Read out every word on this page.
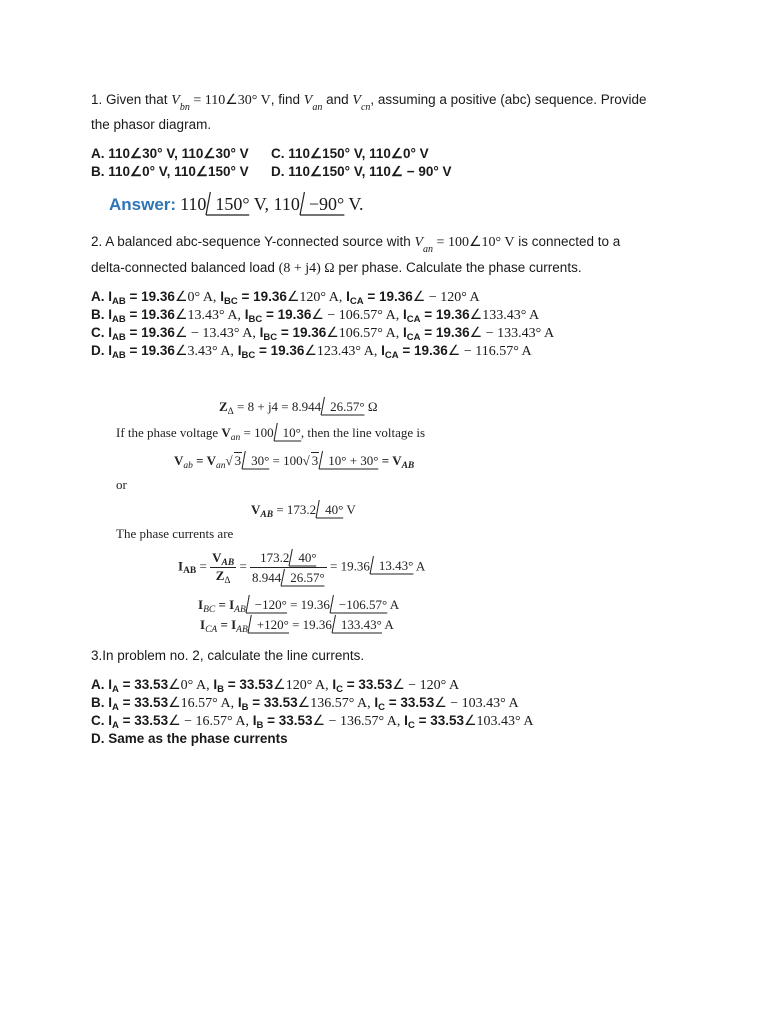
1. Given that $V_{bn}$ = 110∠30° V, find $V_{an}$ and $V_{cn}$, assuming a positive (abc) sequence. Provide
the phasor diagram.
A. 110∠30° V, 110∠30° V C. 110∠150° V, 110∠0° V
B. 110∠0° V, 110∠150° V D. 110∠150° V, 110∠ − 90° V
Answer: 110 150° V, 110 −90° V.
2. A balanced abc-sequence Y-connected source with $V_{an}$ = 100∠10° V is connected to a
delta-connected balanced load (8 + j4) Ω per phase. Calculate the phase currents.
A. $I_{AB}$ = 19.36∠0° A, $I_{BC}$ = 19.36∠120° A, $I_{CA}$ = 19.36∠ − 120° A
B. $I_{AB}$ = 19.36∠13.43° A, $I_{BC}$ = 19.36∠ − 106.57° A, $I_{CA}$ = 19.36∠133.43° A
C. $I_{AB}$ = 19.36∠ − 13.43° A, $I_{BC}$ = 19.36∠106.57° A, $I_{CA}$ = 19.36∠ − 133.43° A
D. $I_{AB}$ = 19.36∠3.43° A, $I_{BC}$ = 19.36∠123.43° A, $I_{CA}$ = 19.36∠ − 116.57° A
$Z_\Delta = 8 + j4 = 8.944$ 26.57° Ω
If the phase voltage $V_{an} = 100$ 10°, then the line voltage is
$V_{ab} = V_{an}√$ 3 30° = 100√ 3 $10^\circ + 30^\circ = V_{AB}$
or
$V_{AB} = 173.2$ 40° V
The phase currents are
$I_{AB} = \frac{V_{AB}}{Z_\Delta} = \frac{173.2 40^\circ}{8.944 26.57^\circ} = 19.36$ 13.43° A
$I_{BC} = I_{AB} -120^\circ = 19.36 -106.57^\circ$ A
$I_{CA} = I_{AB} +120^\circ = 19.36$ 133.43° A
3.In problem no. 2, calculate the line currents.
A. $I_A$ = 33.53∠0° A, $I_B$ = 33.53∠120° A, $I_C$ = 33.53∠ − 120° A
B. $I_A$ = 33.53∠16.57° A, $I_B$ = 33.53∠136.57° A, $I_C$ = 33.53∠ − 103.43° A
C. $I_A$ = 33.53∠ − 16.57° A, $I_B$ = 33.53∠ − 136.57° A, $I_C$ = 33.53∠103.43° A
D. Same as the phase currents
